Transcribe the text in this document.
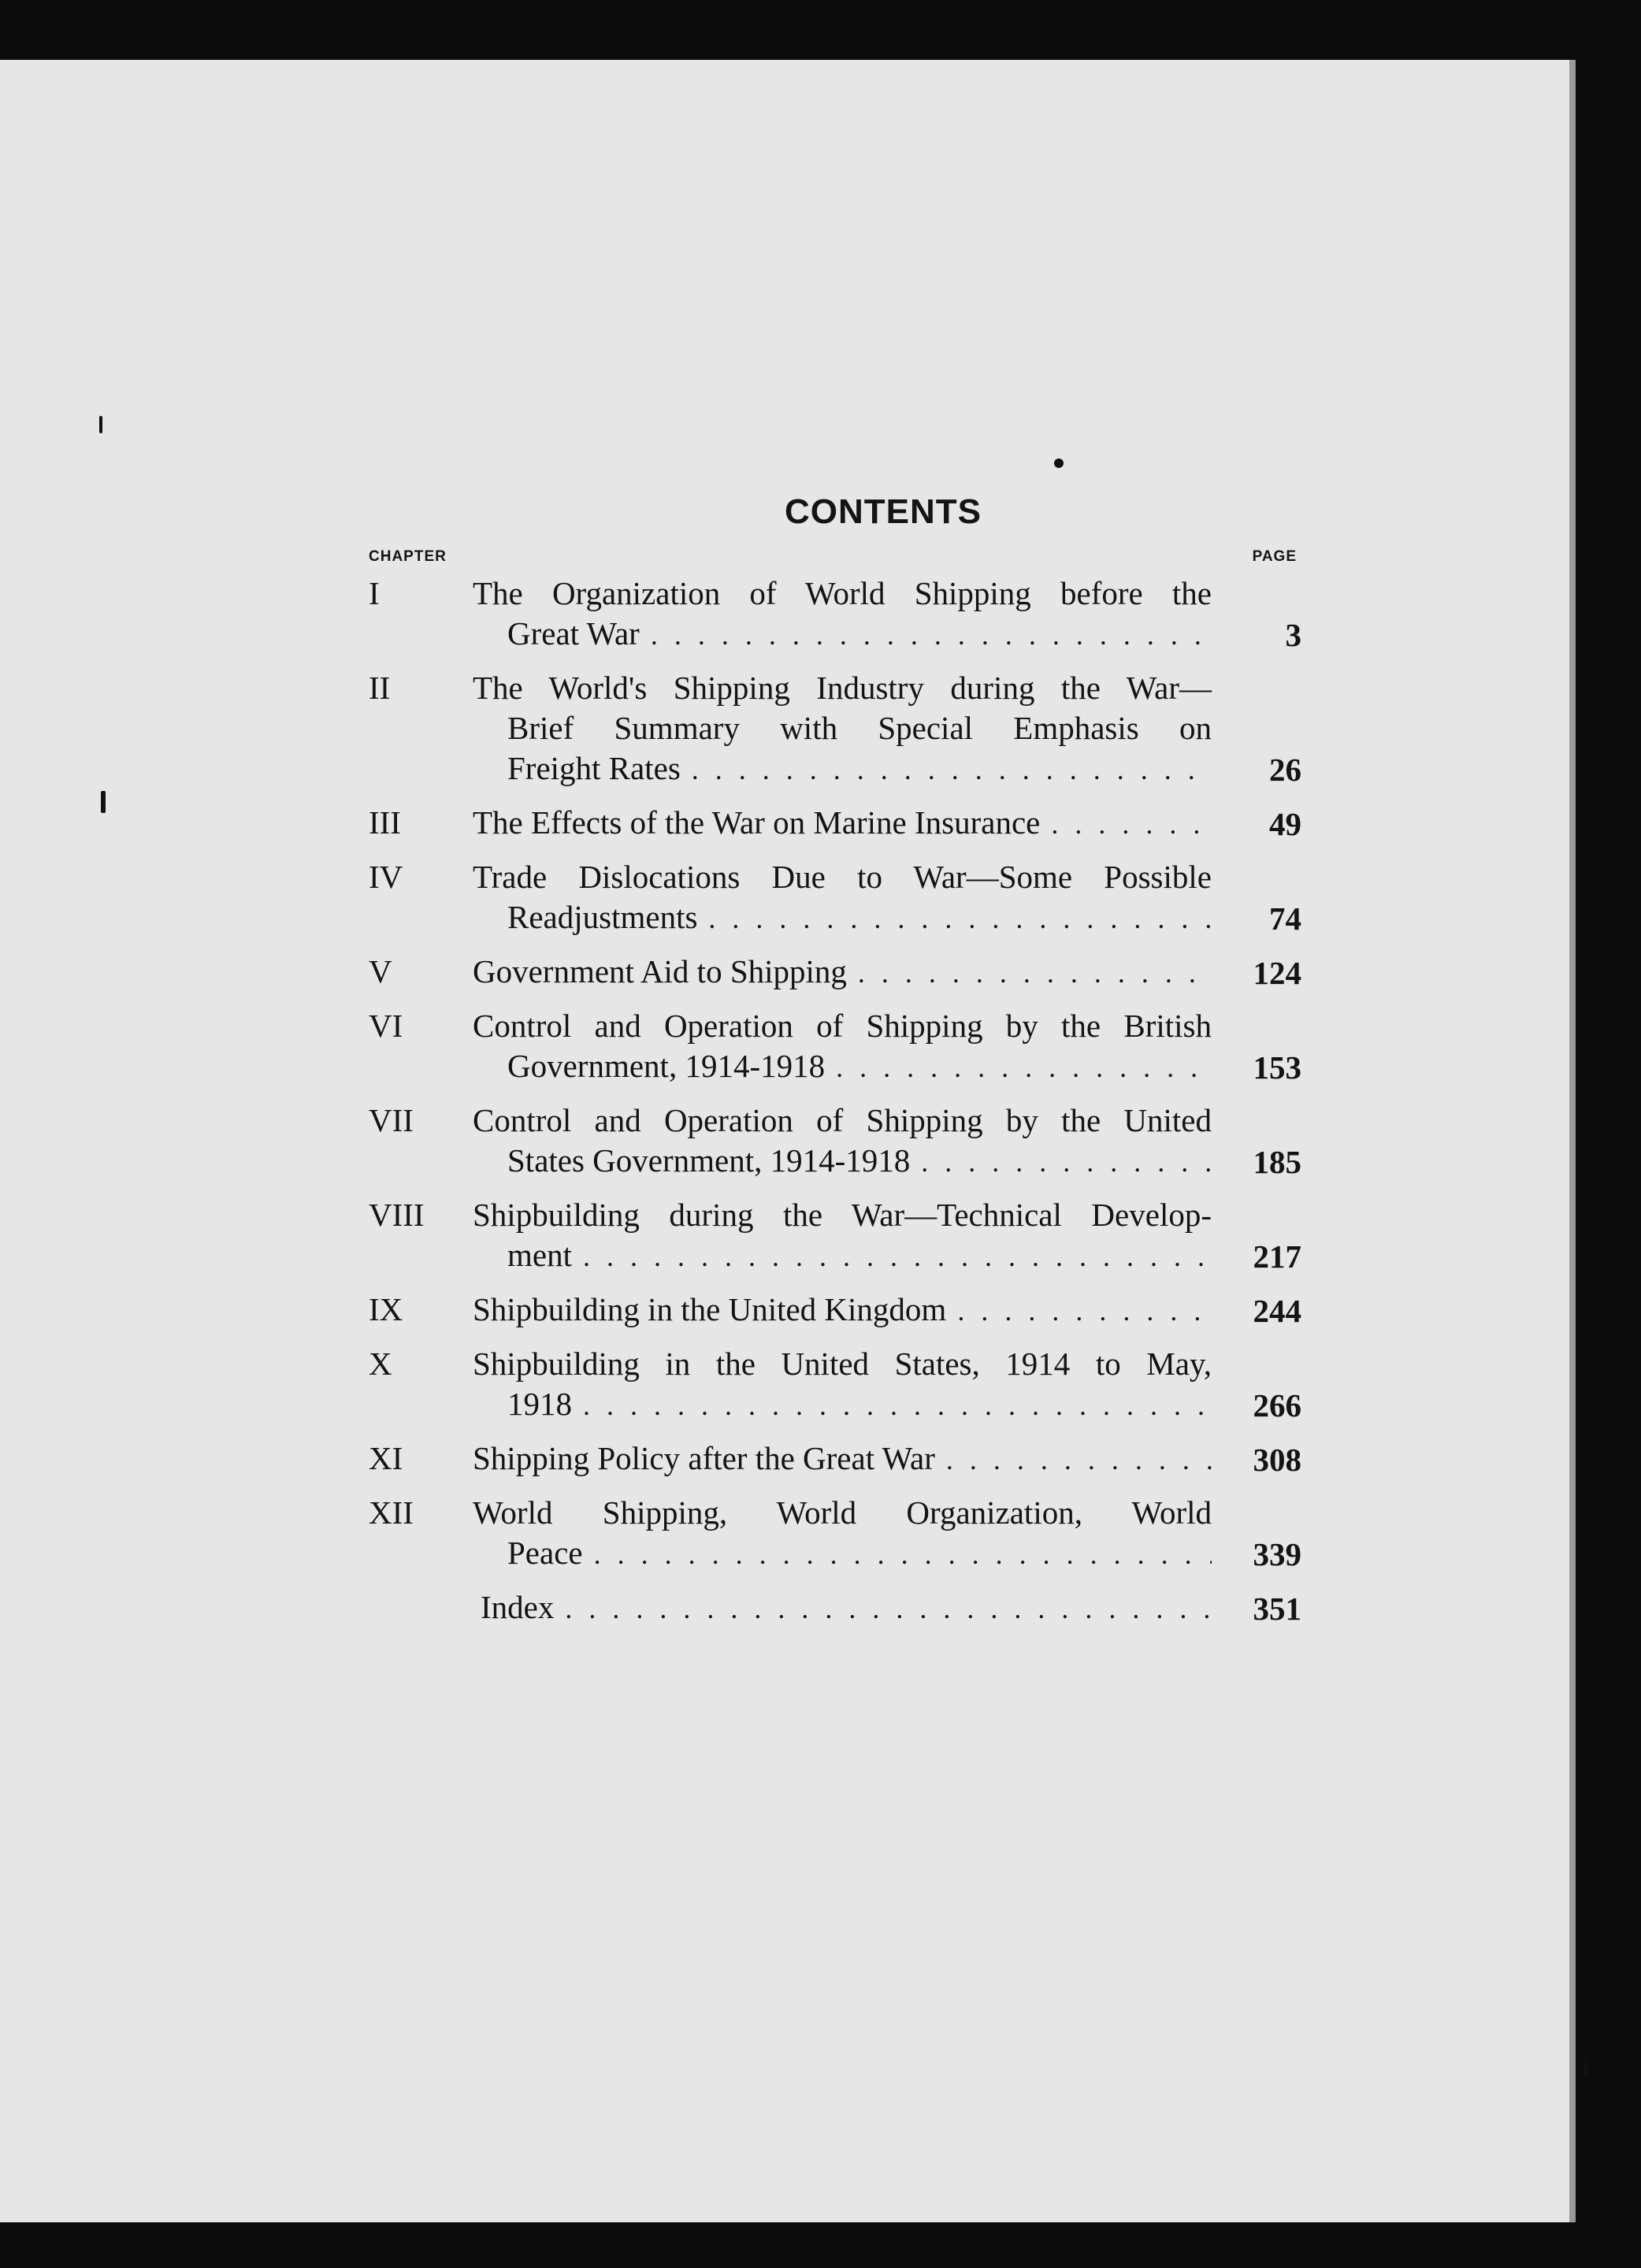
CONTENTS
CHAPTER	PAGE
I	The Organization of World Shipping before the
Great War . . .	3
II	The World's Shipping Industry during the War—
Brief Summary with Special Emphasis on
Freight Rates . . .	26
III The Effects of the War on Marine Insurance . . .	49
IV Trade Dislocations Due to War—Some Possible
Readjustments . . .	74
V Government Aid to Shipping . . .	124
VI Control and Operation of Shipping by the British
Government, 1914-1918 . . .	153
VII Control and Operation of Shipping by the United
States Government, 1914-1918 . . .	185
VIII Shipbuilding during the War—Technical Develop-
ment . . .	217
IX Shipbuilding in the United Kingdom . . .	244
X Shipbuilding in the United States, 1914 to May,
1918 . . .	266
XI Shipping Policy after the Great War . . .	308
XII World Shipping, World Organization, World
Peace . . .	339
Index . . .	351
